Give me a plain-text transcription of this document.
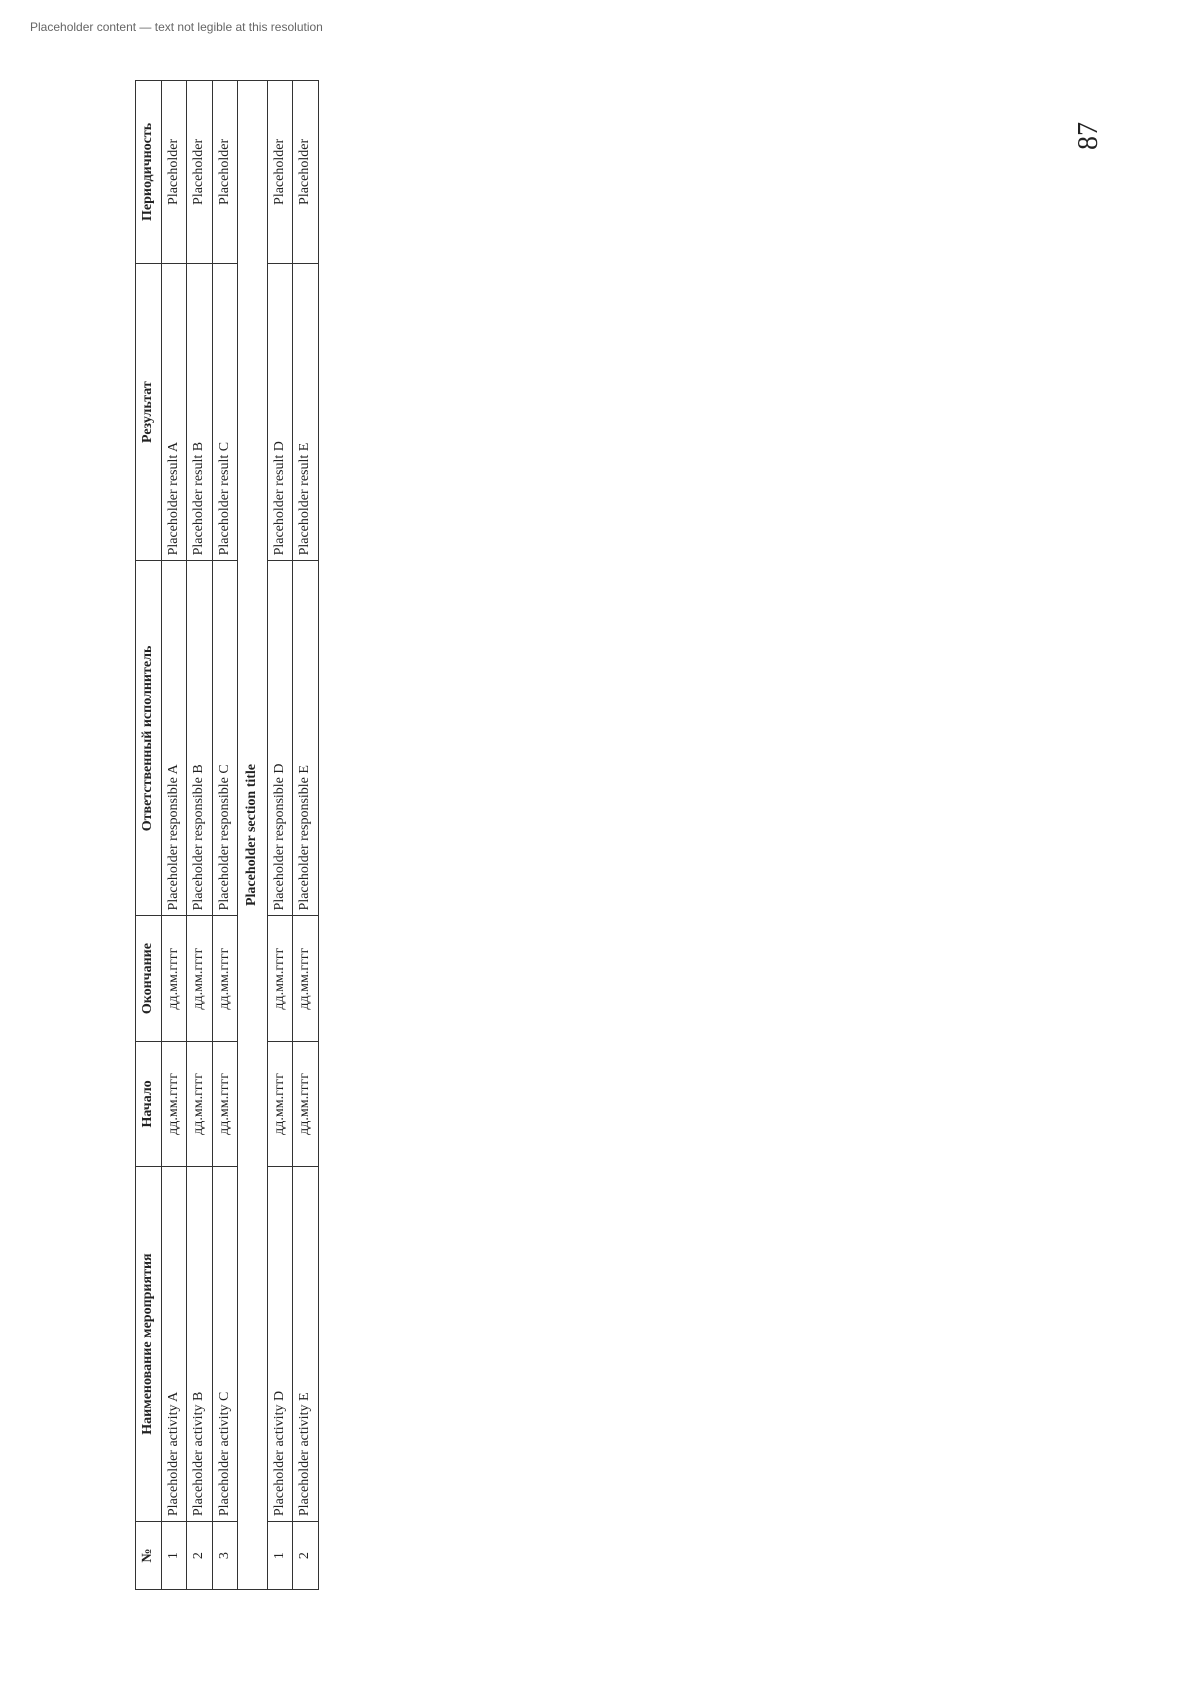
Placeholder content — text not legible at this resolution
№	Наименование мероприятия	Начало	Окончание	Ответственный исполнитель	Результат	Периодичность
1	Placeholder activity A	дд.мм.гггг	дд.мм.гггг	Placeholder responsible A	Placeholder result A	Placeholder
2	Placeholder activity B	дд.мм.гггг	дд.мм.гггг	Placeholder responsible B	Placeholder result B	Placeholder
3	Placeholder activity C	дд.мм.гггг	дд.мм.гггг	Placeholder responsible C	Placeholder result C	Placeholder
Placeholder section title						
1	Placeholder activity D	дд.мм.гггг	дд.мм.гггг	Placeholder responsible D	Placeholder result D	Placeholder
2	Placeholder activity E	дд.мм.гггг	дд.мм.гггг	Placeholder responsible E	Placeholder result E	Placeholder
87
